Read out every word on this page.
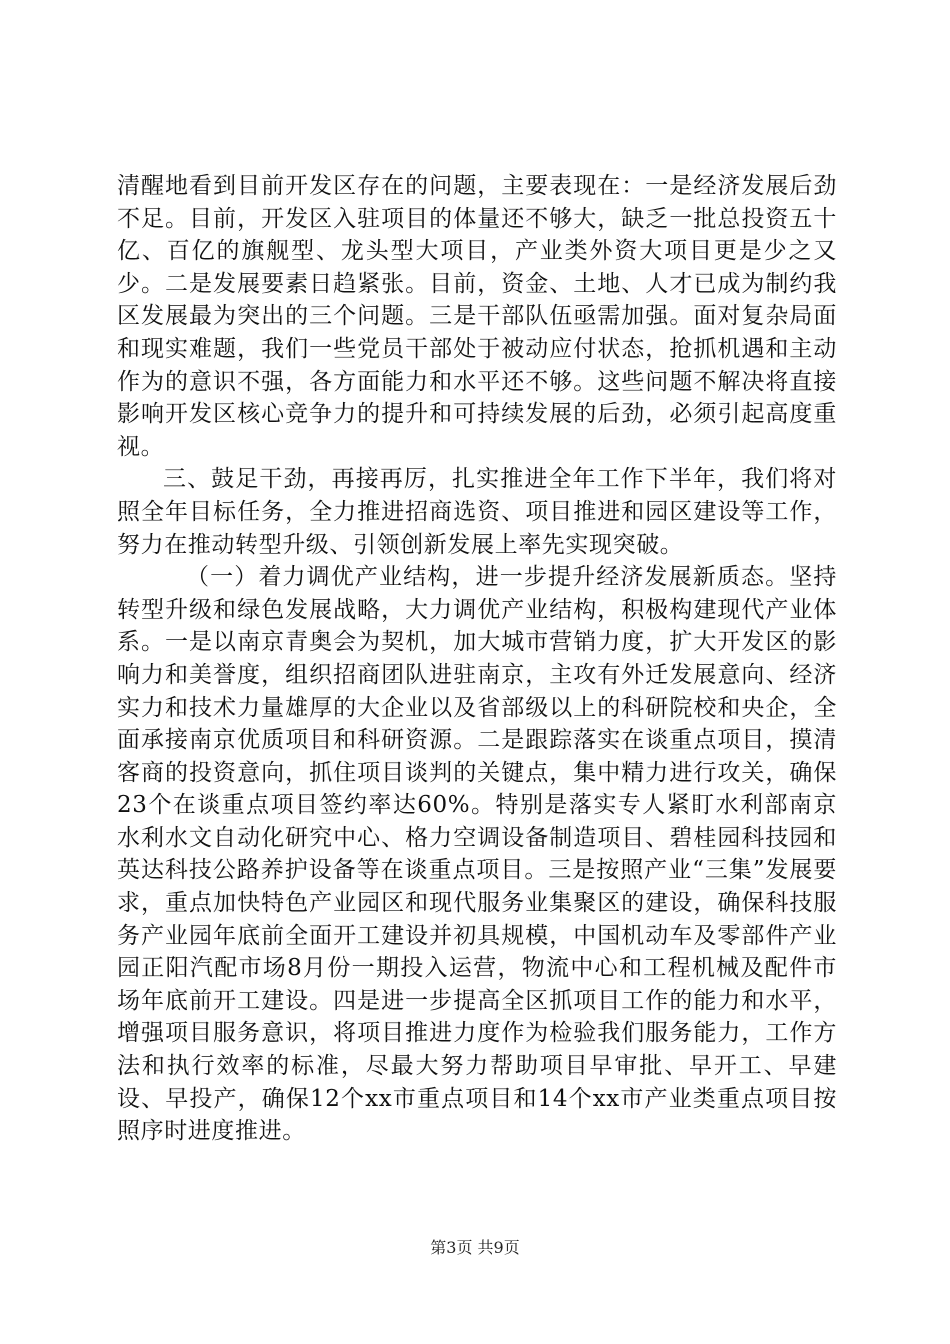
清醒地看到目前开发区存在的问题，主要表现在：一是经济发展后劲不足。目前，开发区入驻项目的体量还不够大，缺乏一批总投资五十亿、百亿的旗舰型、龙头型大项目，产业类外资大项目更是少之又少。二是发展要素日趋紧张。目前，资金、土地、人才已成为制约我区发展最为突出的三个问题。三是干部队伍亟需加强。面对复杂局面和现实难题，我们一些党员干部处于被动应付状态，抢抓机遇和主动作为的意识不强，各方面能力和水平还不够。这些问题不解决将直接影响开发区核心竞争力的提升和可持续发展的后劲，必须引起高度重视。

三、鼓足干劲，再接再厉，扎实推进全年工作下半年，我们将对照全年目标任务，全力推进招商选资、项目推进和园区建设等工作，努力在推动转型升级、引领创新发展上率先实现突破。

（一）着力调优产业结构，进一步提升经济发展新质态。坚持转型升级和绿色发展战略，大力调优产业结构，积极构建现代产业体系。一是以南京青奥会为契机，加大城市营销力度，扩大开发区的影响力和美誉度，组织招商团队进驻南京，主攻有外迁发展意向、经济实力和技术力量雄厚的大企业以及省部级以上的科研院校和央企，全面承接南京优质项目和科研资源。二是跟踪落实在谈重点项目，摸清客商的投资意向，抓住项目谈判的关键点，集中精力进行攻关，确保23个在谈重点项目签约率达60%。特别是落实专人紧盯水利部南京水利水文自动化研究中心、格力空调设备制造项目、碧桂园科技园和英达科技公路养护设备等在谈重点项目。三是按照产业“三集”发展要求，重点加快特色产业园区和现代服务业集聚区的建设，确保科技服务产业园年底前全面开工建设并初具规模，中国机动车及零部件产业园正阳汽配市场8月份一期投入运营，物流中心和工程机械及配件市场年底前开工建设。四是进一步提高全区抓项目工作的能力和水平，增强项目服务意识，将项目推进力度作为检验我们服务能力，工作方法和执行效率的标准，尽最大努力帮助项目早审批、早开工、早建设、早投产，确保12个xx市重点项目和14个xx市产业类重点项目按照序时进度推进。

第3页 共9页
